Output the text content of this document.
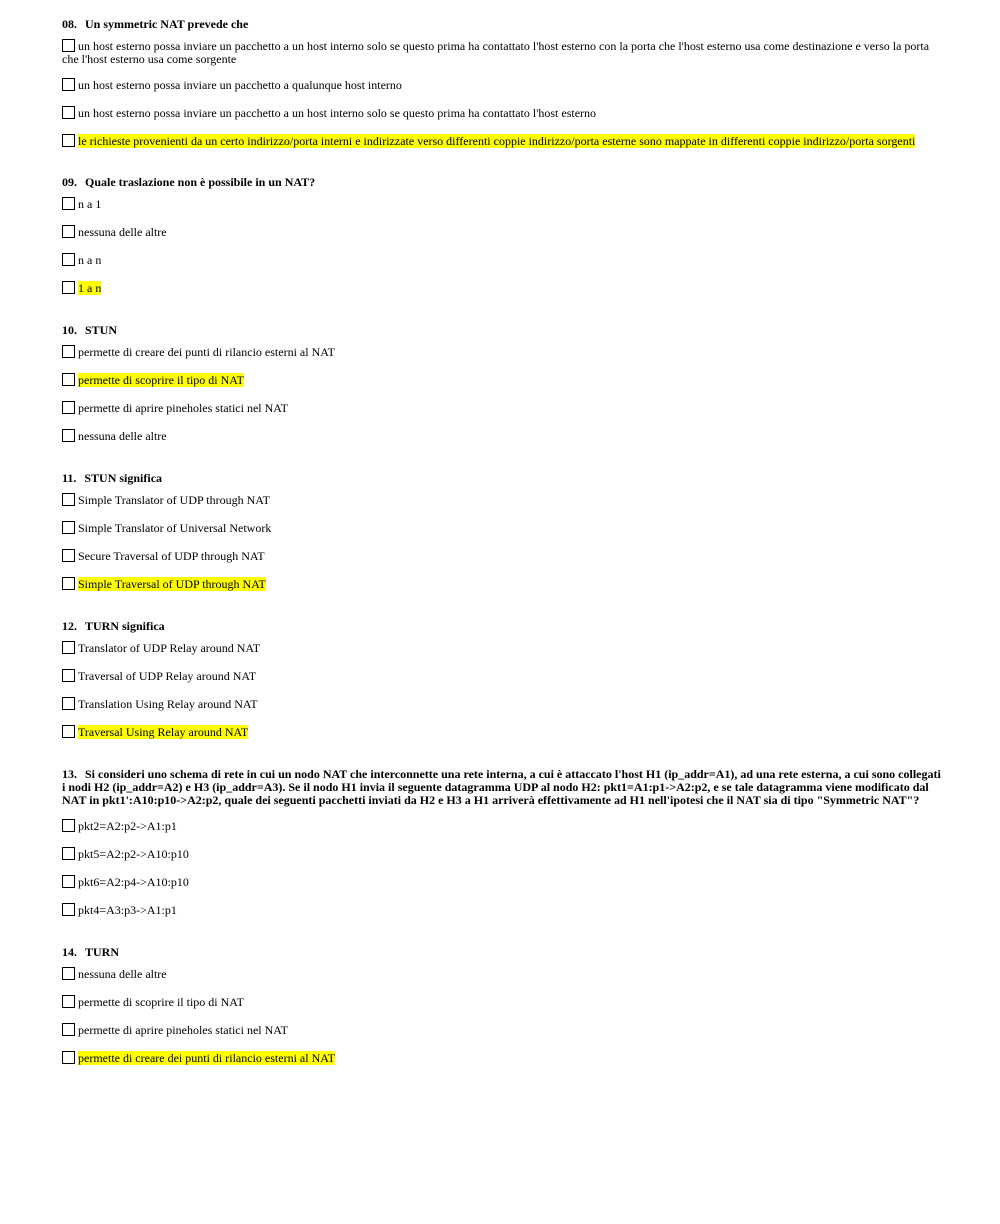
08. Un symmetric NAT prevede che
un host esterno possa inviare un pacchetto a un host interno solo se questo prima ha contattato l'host esterno con la porta che l'host esterno usa come destinazione e verso la porta che l'host esterno usa come sorgente
un host esterno possa inviare un pacchetto a qualunque host interno
un host esterno possa inviare un pacchetto a un host interno solo se questo prima ha contattato l'host esterno
le richieste provenienti da un certo indirizzo/porta interni e indirizzate verso differenti coppie indirizzo/porta esterne sono mappate in differenti coppie indirizzo/porta sorgenti
09. Quale traslazione non è possibile in un NAT?
n a 1
nessuna delle altre
n a n
1 a n
10. STUN
permette di creare dei punti di rilancio esterni al NAT
permette di scoprire il tipo di NAT
permette di aprire pineholes statici nel NAT
nessuna delle altre
11. STUN significa
Simple Translator of UDP through NAT
Simple Translator of Universal Network
Secure Traversal of UDP through NAT
Simple Traversal of UDP through NAT
12. TURN significa
Translator of UDP Relay around NAT
Traversal of UDP Relay around NAT
Translation Using Relay around NAT
Traversal Using Relay around NAT
13. Si consideri uno schema di rete in cui un nodo NAT che interconnette una rete interna, a cui è attaccato l'host H1 (ip_addr=A1), ad una rete esterna, a cui sono collegati i nodi H2 (ip_addr=A2) e H3 (ip_addr=A3). Se il nodo H1 invia il seguente datagramma UDP al nodo H2: pkt1=A1:p1->A2:p2, e se tale datagramma viene modificato dal NAT in pkt1':A10:p10->A2:p2, quale dei seguenti pacchetti inviati da H2 e H3 a H1 arriverà effettivamente ad H1 nell'ipotesi che il NAT sia di tipo "Symmetric NAT"?
pkt2=A2:p2->A1:p1
pkt5=A2:p2->A10:p10
pkt6=A2:p4->A10:p10
pkt4=A3:p3->A1:p1
14. TURN
nessuna delle altre
permette di scoprire il tipo di NAT
permette di aprire pineholes statici nel NAT
permette di creare dei punti di rilancio esterni al NAT
